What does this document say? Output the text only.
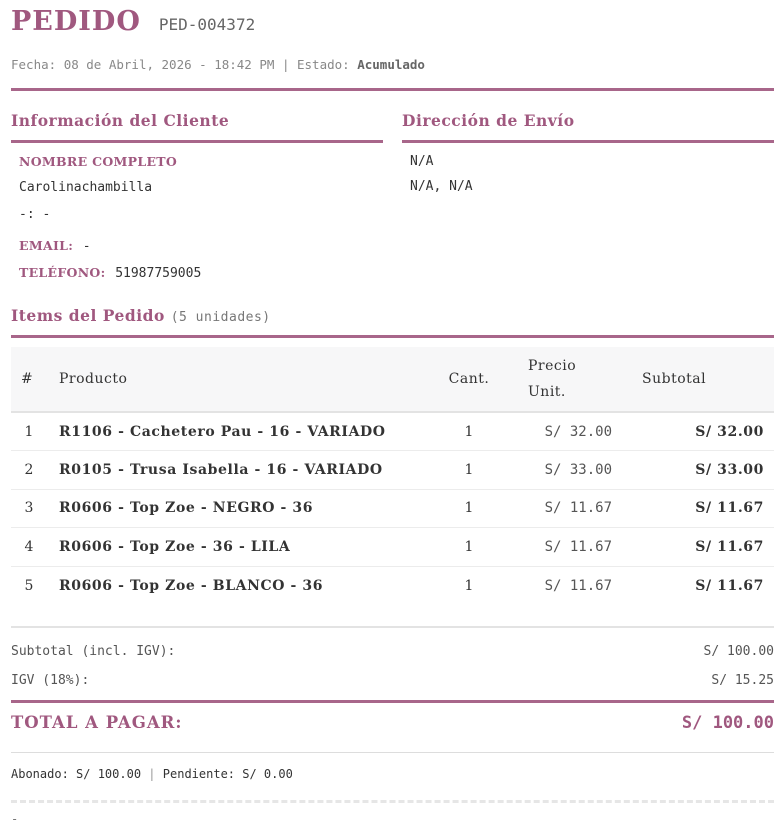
PEDIDO PED-004372
Fecha: 08 de Abril, 2026 - 18:42 PM | Estado: Acumulado
Información del Cliente
NOMBRE COMPLETO
Carolinachambilla
-: -
EMAIL: -
TELÉFONO: 51987759005
Dirección de Envío
N/A
N/A, N/A
Items del Pedido (5 unidades)
#	Producto	Cant.	Precio
Unit.	Subtotal
1	R1106 - Cachetero Pau - 16 - VARIADO	1	S/ 32.00	S/ 32.00
2	R0105 - Trusa Isabella - 16 - VARIADO	1	S/ 33.00	S/ 33.00
3	R0606 - Top Zoe - NEGRO - 36	1	S/ 11.67	S/ 11.67
4	R0606 - Top Zoe - 36 - LILA	1	S/ 11.67	S/ 11.67
5	R0606 - Top Zoe - BLANCO - 36	1	S/ 11.67	S/ 11.67
Subtotal (incl. IGV):	S/ 100.00
IGV (18%):	S/ 15.25
TOTAL A PAGAR:	S/ 100.00
Abonado: S/ 100.00 | Pendiente: S/ 0.00
-
